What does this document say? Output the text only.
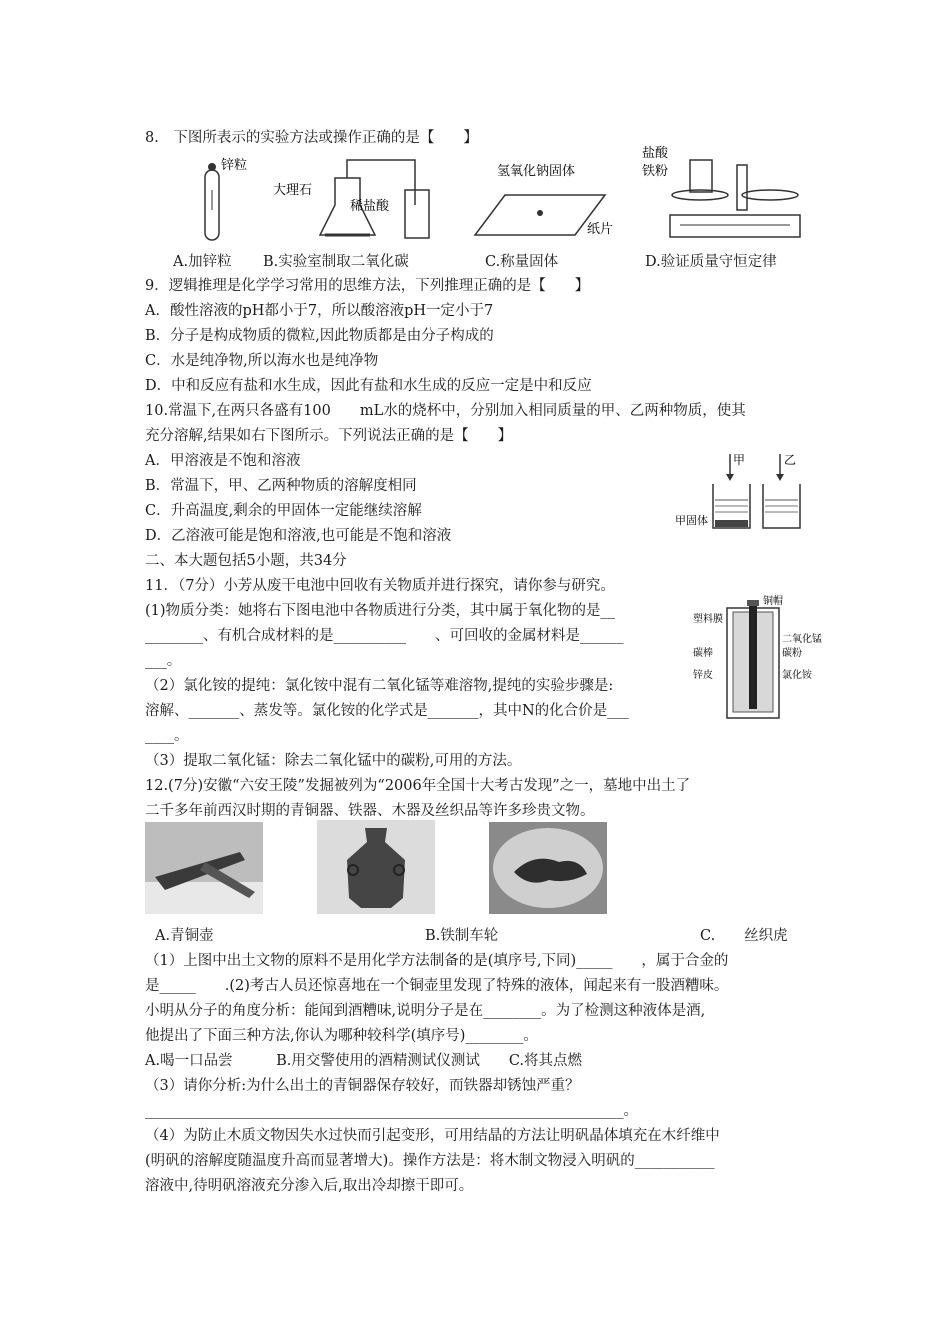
8.　下图所表示的实验方法或操作正确的是【　　】
锌粒
大理石
稀盐酸
氢氧化钠固体
纸片
盐酸
铁粉
A.加锌粒 B.实验室制取二氧化碳	C.称量固体	D.验证质量守恒定律
9．逻辑推理是化学学习常用的思维方法，下列推理正确的是【　　】
A．酸性溶液的pH都小于7，所以酸溶液pH一定小于7
B．分子是构成物质的微粒,因此物质都是由分子构成的
C．水是纯净物,所以海水也是纯净物
D．中和反应有盐和水生成，因此有盐和水生成的反应一定是中和反应
10.常温下,在两只各盛有100　　mL水的烧杯中，分别加入相同质量的甲、乙两种物质，使其
充分溶解,结果如右下图所示。下列说法正确的是【　　】
A．甲溶液是不饱和溶液
B．常温下，甲、乙两种物质的溶解度相同
C．升高温度,剩余的甲固体一定能继续溶解
D．乙溶液可能是饱和溶液,也可能是不饱和溶液
甲	乙
甲固体
二、本大题包括5小题，共34分
11．（7分）小芳从废干电池中回收有关物质并进行探究，请你参与研究。
(1)物质分类：她将右下图电池中各物质进行分类，其中属于氧化物的是__
________、有机合成材料的是__________　　、可回收的金属材料是______
___。
（2）氯化铵的提纯：氯化铵中混有二氧化锰等难溶物,提纯的实验步骤是:
溶解、_______、蒸发等。氯化铵的化学式是_______，其中N的化合价是___
____。
（3）提取二氧化锰：除去二氧化锰中的碳粉,可用的方法。
铜帽
塑料膜
二氧化锰
碳粉
碳棒
锌皮	氯化铵
12.(7分)安徽“六安王陵”发掘被列为“2006年全国十大考古发现”之一，墓地中出土了
二千多年前西汉时期的青铜器、铁器、木器及丝织品等许多珍贵文物。
A.青铜壶	B.铁制车轮	C.　　丝织虎
（1）上图中出土文物的原料不是用化学方法制备的是(填序号,下同)_____　　，属于合金的
是_____　　.(2)考古人员还惊喜地在一个铜壶里发现了特殊的液体，闻起来有一股酒糟味。
小明从分子的角度分析：能闻到酒糟味,说明分子是在________。为了检测这种液体是酒,
他提出了下面三种方法,你认为哪种较科学(填序号)________。
A.喝一口品尝　　　B.用交警使用的酒精测试仪测试　　C.将其点燃
（3）请你分析:为什么出土的青铜器保存较好，而铁器却锈蚀严重？
__________________________________________________________________。
（4）为防止木质文物因失水过快而引起变形，可用结晶的方法让明矾晶体填充在木纤维中
(明矾的溶解度随温度升高而显著增大)。操作方法是：将木制文物浸入明矾的___________
溶液中,待明矾溶液充分渗入后,取出冷却擦干即可。
